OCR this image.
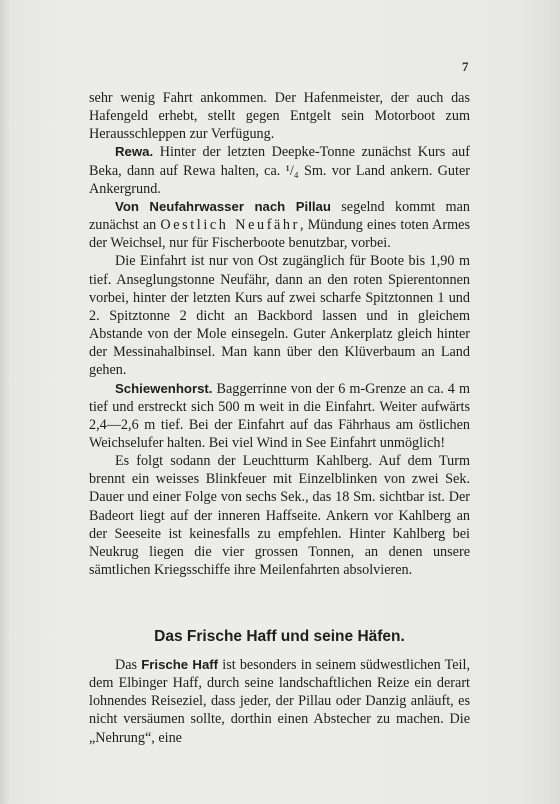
7

sehr wenig Fahrt ankommen. Der Hafenmeister, der auch das Hafengeld erhebt, stellt gegen Entgelt sein Motorboot zum Herausschleppen zur Verfügung.

Rewa. Hinter der letzten Deepke-Tonne zunächst Kurs auf Beka, dann auf Rewa halten, ca. ¹/₄ Sm. vor Land ankern. Guter Ankergrund.

Von Neufahrwasser nach Pillau segelnd kommt man zunächst an Oestlich Neufähr, Mündung eines toten Armes der Weichsel, nur für Fischerboote benutzbar, vorbei.

Die Einfahrt ist nur von Ost zugänglich für Boote bis 1,90 m tief. Anseglungstonne Neufähr, dann an den roten Spierentonnen vorbei, hinter der letzten Kurs auf zwei scharfe Spitztonnen 1 und 2. Spitztonne 2 dicht an Backbord lassen und in gleichem Abstande von der Mole einsegeln. Guter Ankerplatz gleich hinter der Messinahalbinsel. Man kann über den Klüverbaum an Land gehen.

Schiewenhorst. Baggerrinne von der 6 m-Grenze an ca. 4 m tief und erstreckt sich 500 m weit in die Einfahrt. Weiter aufwärts 2,4—2,6 m tief. Bei der Einfahrt auf das Fährhaus am östlichen Weichselufer halten. Bei viel Wind in See Einfahrt unmöglich!

Es folgt sodann der Leuchtturm Kahlberg. Auf dem Turm brennt ein weisses Blinkfeuer mit Einzelblinken von zwei Sek. Dauer und einer Folge von sechs Sek., das 18 Sm. sichtbar ist. Der Badeort liegt auf der inneren Haffseite. Ankern vor Kahlberg an der Seeseite ist keinesfalls zu empfehlen. Hinter Kahlberg bei Neukrug liegen die vier grossen Tonnen, an denen unsere sämtlichen Kriegsschiffe ihre Meilenfahrten absolvieren.

Das Frische Haff und seine Häfen.

Das Frische Haff ist besonders in seinem südwestlichen Teil, dem Elbinger Haff, durch seine landschaftlichen Reize ein derart lohnendes Reiseziel, dass jeder, der Pillau oder Danzig anläuft, es nicht versäumen sollte, dorthin einen Abstecher zu machen. Die „Nehrung“, eine
